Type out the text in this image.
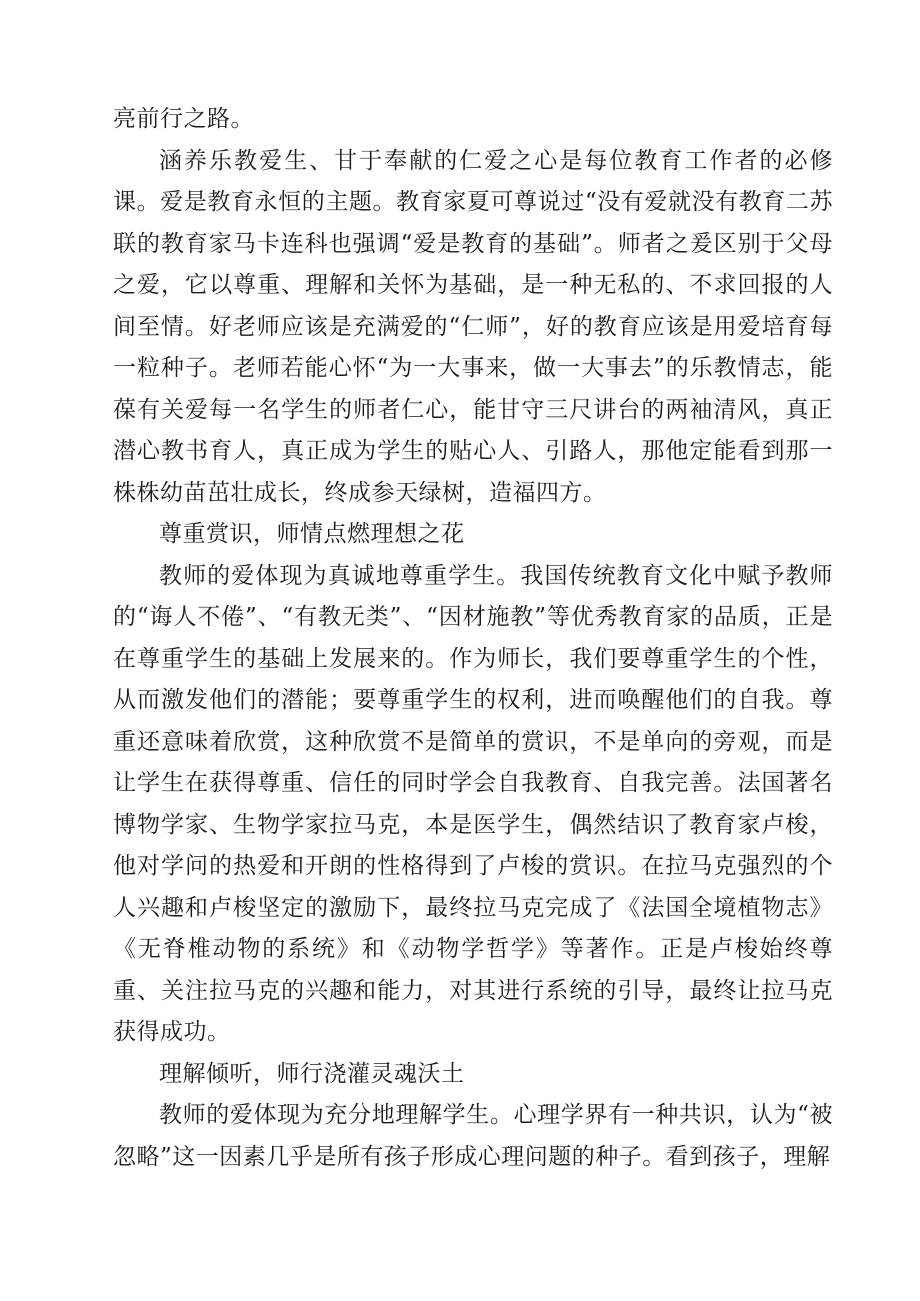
亮前行之路。

涵养乐教爱生、甘于奉献的仁爱之心是每位教育工作者的必修课。爱是教育永恒的主题。教育家夏可尊说过“没有爱就没有教育二苏联的教育家马卡连科也强调“爱是教育的基础”。师者之爰区别于父母之爱，它以尊重、理解和关怀为基础，是一种无私的、不求回报的人间至情。好老师应该是充满爱的“仁师”，好的教育应该是用爱培育每一粒种子。老师若能心怀“为一大事来，做一大事去”的乐教情志，能葆有关爱每一名学生的师者仁心，能甘守三尺讲台的两袖清风，真正潜心教书育人，真正成为学生的贴心人、引路人，那他定能看到那一株株幼苗茁壮成长，终成参天绿树，造福四方。

尊重赏识，师情点燃理想之花

教师的爱体现为真诚地尊重学生。我国传统教育文化中赋予教师的“诲人不倦”、“有教无类”、“因材施教”等优秀教育家的品质，正是在尊重学生的基础上发展来的。作为师长，我们要尊重学生的个性，从而激发他们的潜能；要尊重学生的权利，进而唤醒他们的自我。尊重还意味着欣赏，这种欣赏不是简单的赏识，不是单向的旁观，而是让学生在获得尊重、信任的同时学会自我教育、自我完善。法国著名博物学家、生物学家拉马克，本是医学生，偶然结识了教育家卢梭，他对学问的热爱和开朗的性格得到了卢梭的赏识。在拉马克强烈的个人兴趣和卢梭坚定的激励下，最终拉马克完成了《法国全境植物志》《无脊椎动物的系统》和《动物学哲学》等著作。正是卢梭始终尊重、关注拉马克的兴趣和能力，对其进行系统的引导，最终让拉马克获得成功。

理解倾听，师行浇灌灵魂沃土

教师的爱体现为充分地理解学生。心理学界有一种共识，认为“被忽略”这一因素几乎是所有孩子形成心理问题的种子。看到孩子，理解
